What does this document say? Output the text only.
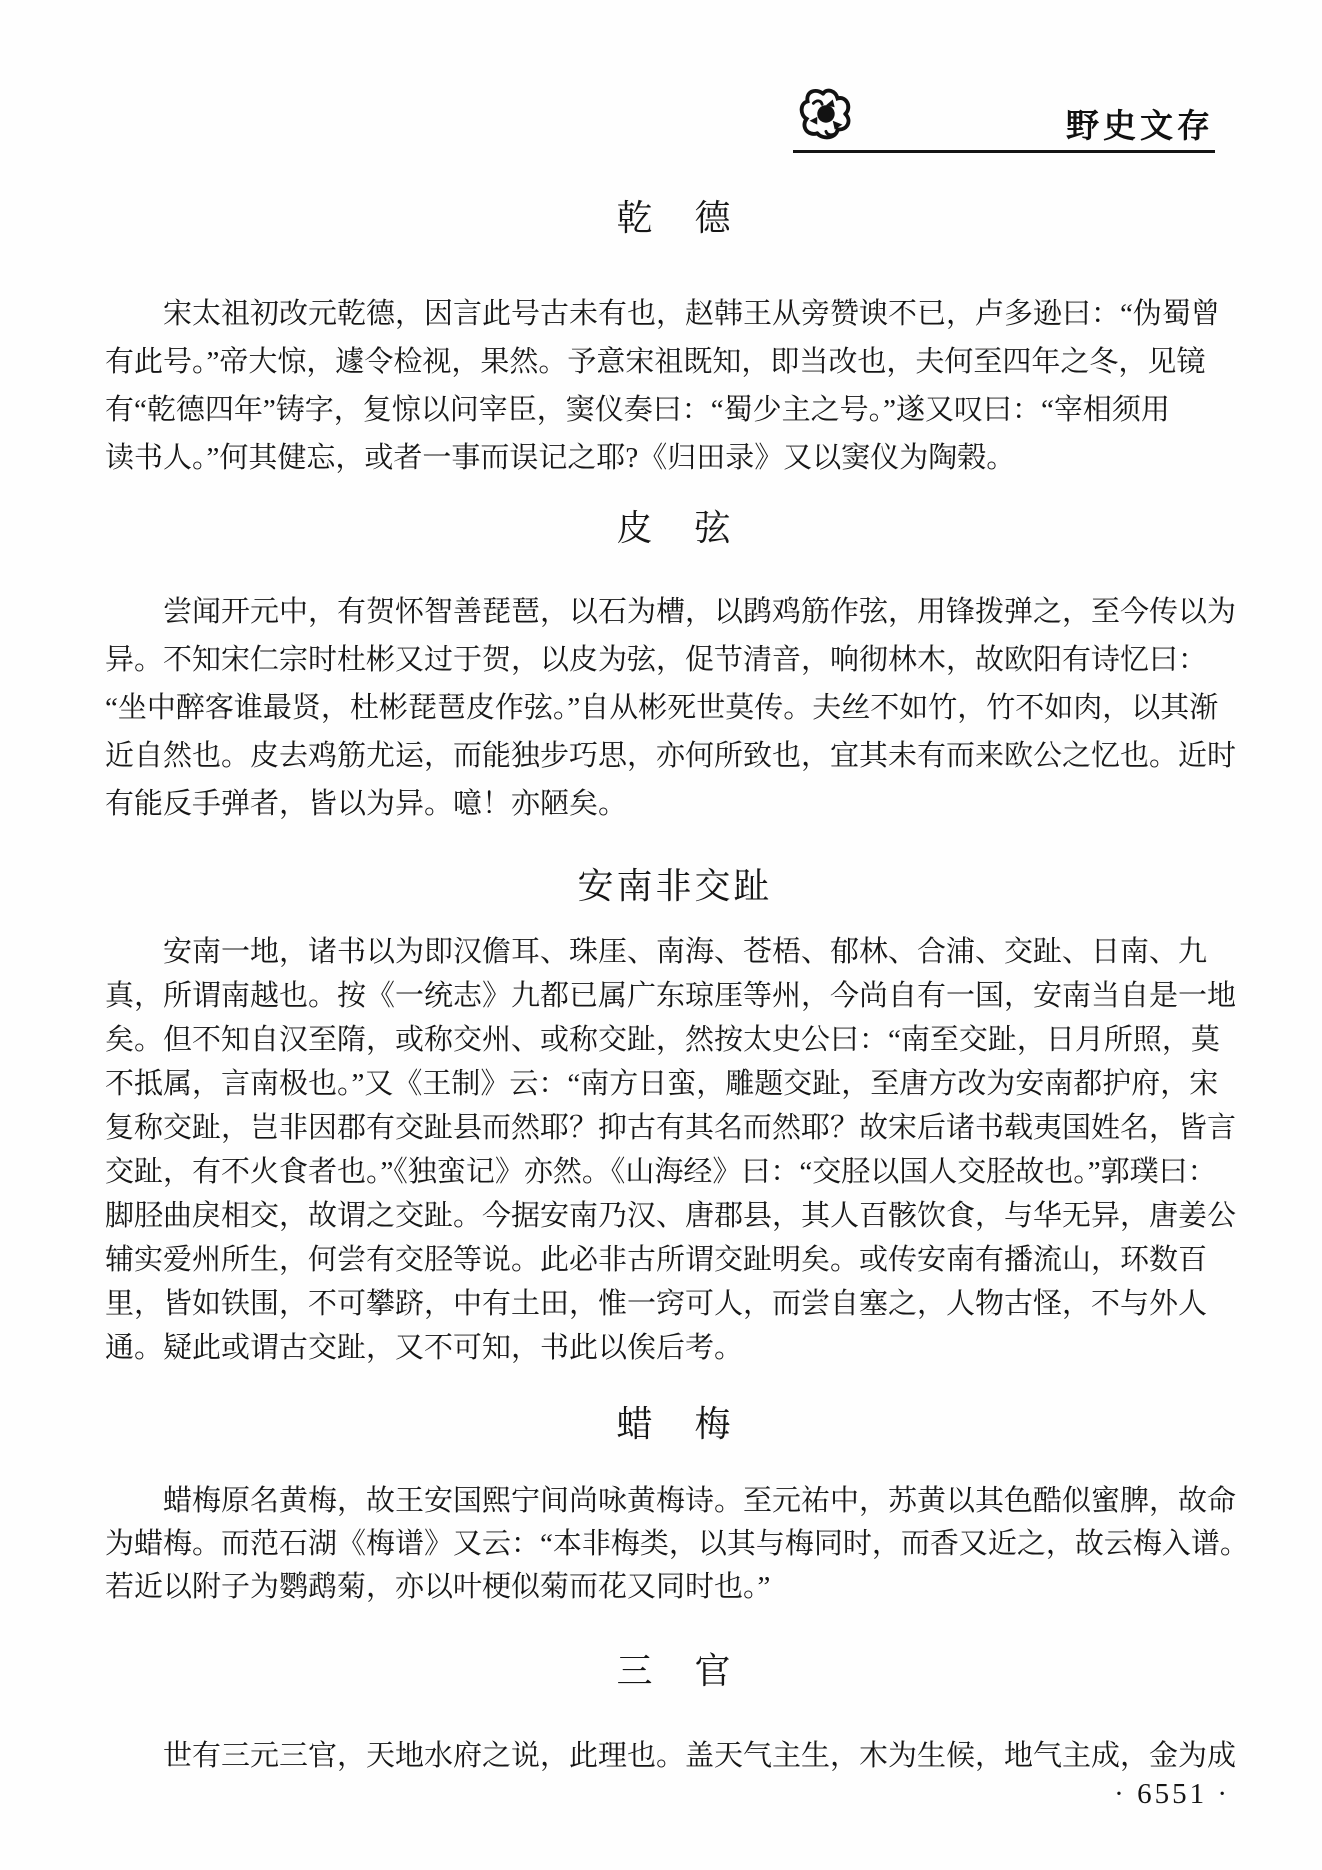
野史文存
乾　德
宋太祖初改元乾德，因言此号古未有也，赵韩王从旁赞谀不已，卢多逊曰：“伪蜀曾
有此号。”帝大惊，遽令检视，果然。予意宋祖既知，即当改也，夫何至四年之冬，见镜
有“乾德四年”铸字，复惊以问宰臣，窦仪奏曰：“蜀少主之号。”遂又叹曰：“宰相须用
读书人。”何其健忘，或者一事而误记之耶?《归田录》又以窦仪为陶榖。
皮　弦
尝闻开元中，有贺怀智善琵琶，以石为槽，以鹍鸡筋作弦，用锋拨弹之，至今传以为
异。不知宋仁宗时杜彬又过于贺，以皮为弦，促节清音，响彻林木，故欧阳有诗忆曰：
“坐中醉客谁最贤，杜彬琵琶皮作弦。”自从彬死世莫传。夫丝不如竹，竹不如肉，以其渐
近自然也。皮去鸡筋尤运，而能独步巧思，亦何所致也，宜其未有而来欧公之忆也。近时
有能反手弹者，皆以为异。噫！亦陋矣。
安南非交趾
安南一地，诸书以为即汉儋耳、珠厓、南海、苍梧、郁林、合浦、交趾、日南、九
真，所谓南越也。按《一统志》九都已属广东琼厓等州，今尚自有一国，安南当自是一地
矣。但不知自汉至隋，或称交州、或称交趾，然按太史公曰：“南至交趾，日月所照，莫
不抵属，言南极也。”又《王制》云：“南方日蛮，雕题交趾，至唐方改为安南都护府，宋
复称交趾，岂非因郡有交趾县而然耶？抑古有其名而然耶？故宋后诸书载夷国姓名，皆言
交趾，有不火食者也。”《独蛮记》亦然。《山海经》曰：“交胫以国人交胫故也。”郭璞曰：
脚胫曲戾相交，故谓之交趾。今据安南乃汉、唐郡县，其人百骸饮食，与华无异，唐姜公
辅实爱州所生，何尝有交胫等说。此必非古所谓交趾明矣。或传安南有播流山，环数百
里，皆如铁围，不可攀跻，中有土田，惟一窍可人，而尝自塞之，人物古怪，不与外人
通。疑此或谓古交趾，又不可知，书此以俟后考。
蜡　梅
蜡梅原名黄梅，故王安国熙宁间尚咏黄梅诗。至元祐中，苏黄以其色酷似蜜脾，故命
为蜡梅。而范石湖《梅谱》又云：“本非梅类，以其与梅同时，而香又近之，故云梅入谱。
若近以附子为鹦鹉菊，亦以叶梗似菊而花又同时也。”
三　官
世有三元三官，天地水府之说，此理也。盖天气主生，木为生候，地气主成，金为成
· 6551 ·
